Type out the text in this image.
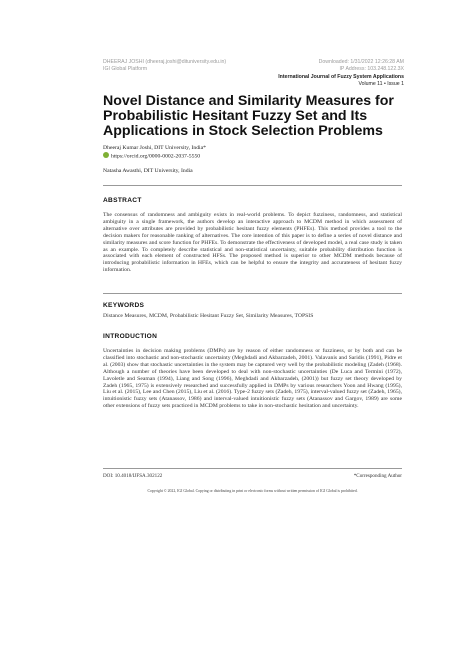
DHEERAJ JOSHI (dheeraj.joshi@dituniversity.edu.in)
IGI Global Platform
Downloaded: 1/31/2022 12:26:28 AM
IP Address: 103.248.122.3X
International Journal of Fuzzy System Applications
Volume 11 • Issue 1
Novel Distance and Similarity Measures for Probabilistic Hesitant Fuzzy Set and Its Applications in Stock Selection Problems
Dheeraj Kumar Joshi, DIT University, India*
https://orcid.org/0000-0002-2037-5550
Natasha Awasthi, DIT University, India
ABSTRACT
The consensus of randomness and ambiguity exists in real-world problems. To depict fuzziness, randomness, and statistical ambiguity in a single framework, the authors develop an interactive approach to MCDM method in which assessment of alternative over attributes are provided by probabilistic hesitant fuzzy elements (PHFEs). This method provides a tool to the decision makers for reasonable ranking of alternatives. The core intention of this paper is to define a series of novel distance and similarity measures and score function for PHFEs. To demonstrate the effectiveness of developed model, a real case study is taken as an example. To completely describe statistical and non-statistical uncertainty, suitable probability distribution function is associated with each element of constructed HFSs. The proposed method is superior to other MCDM methods because of introducing probabilistic information in HFEs, which can be helpful to ensure the integrity and accurateness of hesitant fuzzy information.
KEYWORDS
Distance Measures, MCDM, Probabilistic Hesitant Fuzzy Set, Similarity Measures, TOPSIS
INTRODUCTION
Uncertainties in decision making problems (DMPs) are by reason of either randomness or fuzziness, or by both and can be classified into stochastic and non-stochastic uncertainty (Meghdadi and Akbarzadeh, 2001). Valavanis and Saridis (1991), Pidre et al. (2003) show that stochastic uncertainties in the system may be captured very well by the probabilistic modeling (Zadeh (1968). Although a number of theories have been developed to deal with non-stochastic uncertainties (De Luca and Termini (1972), Lavoletle and Seaman (1994), Liang and Song (1996), Meghdadi and Akbarzadeh, (2001)) but fuzzy set theory developed by Zadeh (1965, 1975) is extensively researched and successfully applied in DMPs by various researchers Yoon and Hwang (1995), Liu et al. (2015), Lee and Chen (2015), Liu et al. (2016). Type-2 fuzzy sets (Zadeh, 1975), interval-valued fuzzy set (Zadeh, 1965), intuitionistic fuzzy sets (Atanassov, 1986) and interval-valued intuitionistic fuzzy sets (Atanassov and Gargov, 1989) are some other extensions of fuzzy sets practiced in MCDM problems to take in non-stochastic hesitation and uncertainty.
DOI: 10.4018/IJFSA.302122	*Corresponding Author
Copyright © 2022, IGI Global. Copying or distributing in print or electronic forms without written permission of IGI Global is prohibited.
